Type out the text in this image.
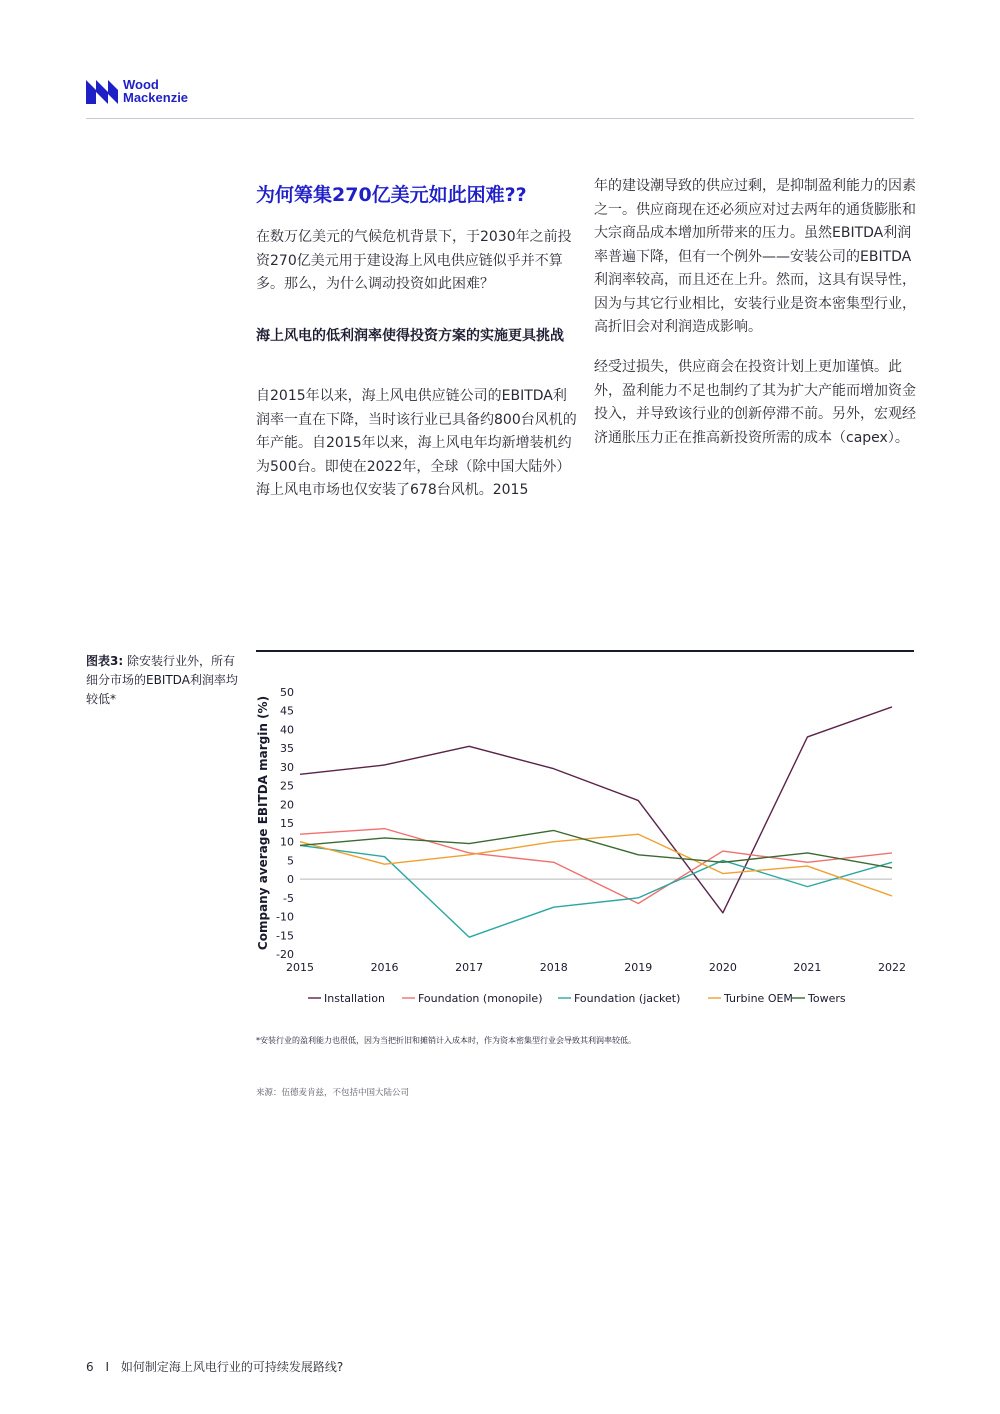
Wood
Mackenzie
为何筹集270亿美元如此困难??

在数万亿美元的气候危机背景下，于2030年之前投资270亿美元用于建设海上风电供应链似乎并不算多。那么，为什么调动投资如此困难？

海上风电的低利润率使得投资方案的实施更具挑战

自2015年以来，海上风电供应链公司的EBITDA利润率一直在下降，当时该行业已具备约800台风机的年产能。自2015年以来，海上风电年均新增装机约为500台。即使在2022年，全球（除中国大陆外）海上风电市场也仅安装了678台风机。2015

年的建设潮导致的供应过剩，是抑制盈利能力的因素之一。供应商现在还必须应对过去两年的通货膨胀和大宗商品成本增加所带来的压力。虽然EBITDA利润率普遍下降，但有一个例外——安装公司的EBITDA利润率较高，而且还在上升。然而，这具有误导性，因为与其它行业相比，安装行业是资本密集型行业，高折旧会对利润造成影响。

经受过损失，供应商会在投资计划上更加谨慎。此外，盈利能力不足也制约了其为扩大产能而增加资金投入，并导致该行业的创新停滞不前。另外，宏观经济通胀压力正在推高新投资所需的成本（capex）。

图表3: 除安装行业外，所有细分市场的EBITDA利润率均较低*
-20
-15
-10
-5
0
5
10
15
20
25
30
35
40
45
50
2015	2016	2017	2018	2019	2020	2021	2022
Company average EBITDA margin (%)
Installation	Foundation (monopile)	Foundation (jacket)	Turbine OEM Towers
*安装行业的盈利能力也很低，因为当把折旧和摊销计入成本时，作为资本密集型行业会导致其利润率较低。
来源：伍德麦肯兹，不包括中国大陆公司
6 I 如何制定海上风电行业的可持续发展路线?
